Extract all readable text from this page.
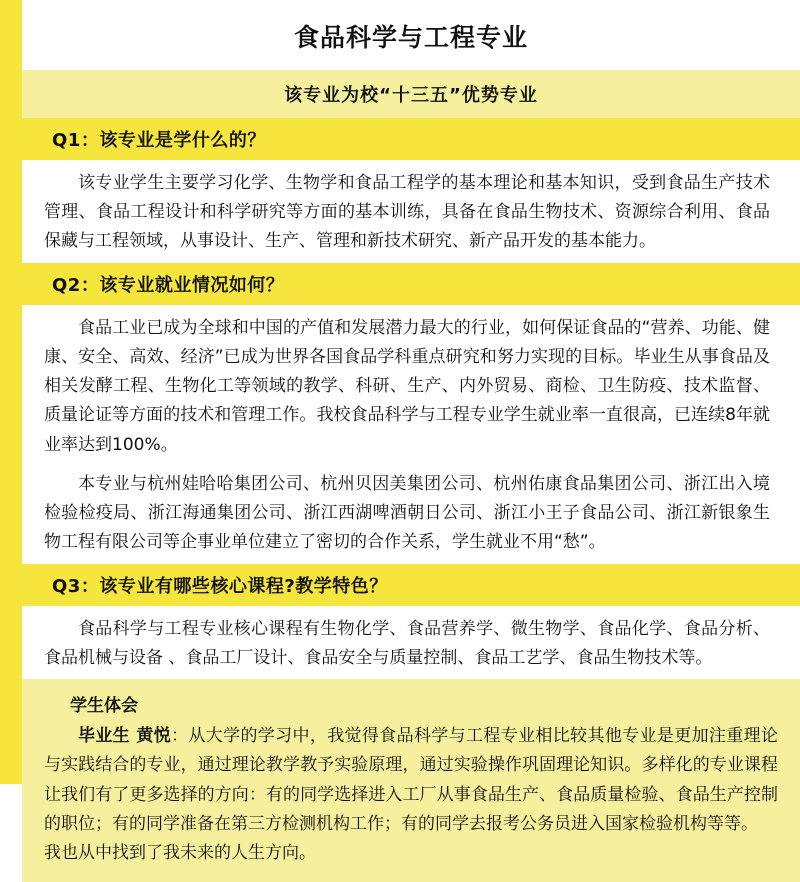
食品科学与工程专业
该专业为校“十三五”优势专业
Q1：该专业是学什么的？
该专业学生主要学习化学、生物学和食品工程学的基本理论和基本知识，受到食品生产技术管理、食品工程设计和科学研究等方面的基本训练，具备在食品生物技术、资源综合利用、食品保藏与工程领域，从事设计、生产、管理和新技术研究、新产品开发的基本能力。
Q2：该专业就业情况如何？
食品工业已成为全球和中国的产值和发展潜力最大的行业，如何保证食品的“营养、功能、健康、安全、高效、经济”已成为世界各国食品学科重点研究和努力实现的目标。毕业生从事食品及相关发酵工程、生物化工等领域的教学、科研、生产、内外贸易、商检、卫生防疫、技术监督、质量论证等方面的技术和管理工作。我校食品科学与工程专业学生就业率一直很高，已连续8年就业率达到100%。
本专业与杭州娃哈哈集团公司、杭州贝因美集团公司、杭州佑康食品集团公司、浙江出入境检验检疫局、浙江海通集团公司、浙江西湖啤酒朝日公司、浙江小王子食品公司、浙江新银象生物工程有限公司等企事业单位建立了密切的合作关系，学生就业不用“愁”。
Q3：该专业有哪些核心课程?教学特色？
食品科学与工程专业核心课程有生物化学、食品营养学、微生物学、食品化学、食品分析、食品机械与设备 、食品工厂设计、食品安全与质量控制、食品工艺学、食品生物技术等。
学生体会
毕业生 黄悦：从大学的学习中，我觉得食品科学与工程专业相比较其他专业是更加注重理论与实践结合的专业，通过理论教学教予实验原理，通过实验操作巩固理论知识。多样化的专业课程让我们有了更多选择的方向：有的同学选择进入工厂从事食品生产、食品质量检验、食品生产控制的职位；有的同学准备在第三方检测机构工作；有的同学去报考公务员进入国家检验机构等等。
我也从中找到了我未来的人生方向。
